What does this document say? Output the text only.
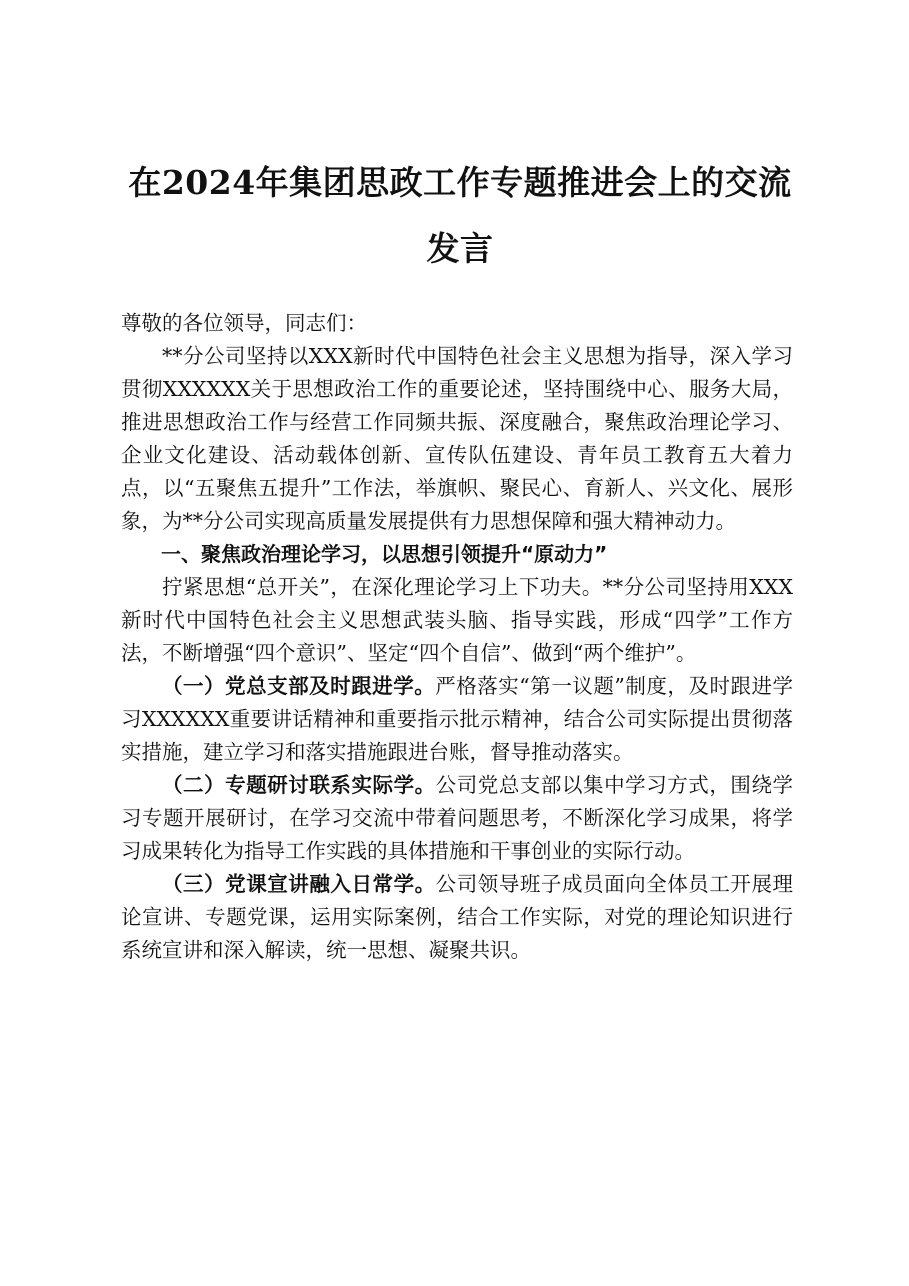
在2024年集团思政工作专题推进会上的交流
发言

尊敬的各位领导，同志们：

**分公司坚持以XXX新时代中国特色社会主义思想为指导，深入学习贯彻XXXXXX关于思想政治工作的重要论述，坚持围绕中心、服务大局，推进思想政治工作与经营工作同频共振、深度融合，聚焦政治理论学习、企业文化建设、活动载体创新、宣传队伍建设、青年员工教育五大着力点，以“五聚焦五提升”工作法，举旗帜、聚民心、育新人、兴文化、展形象，为**分公司实现高质量发展提供有力思想保障和强大精神动力。

一、聚焦政治理论学习，以思想引领提升“原动力”

拧紧思想“总开关”，在深化理论学习上下功夫。**分公司坚持用XXX新时代中国特色社会主义思想武装头脑、指导实践，形成“四学”工作方法，不断增强“四个意识”、坚定“四个自信”、做到“两个维护”。

（一）党总支部及时跟进学。严格落实“第一议题”制度，及时跟进学习XXXXXX重要讲话精神和重要指示批示精神，结合公司实际提出贯彻落实措施，建立学习和落实措施跟进台账，督导推动落实。

（二）专题研讨联系实际学。公司党总支部以集中学习方式，围绕学习专题开展研讨，在学习交流中带着问题思考，不断深化学习成果，将学习成果转化为指导工作实践的具体措施和干事创业的实际行动。

（三）党课宣讲融入日常学。公司领导班子成员面向全体员工开展理论宣讲、专题党课，运用实际案例，结合工作实际，对党的理论知识进行系统宣讲和深入解读，统一思想、凝聚共识。
